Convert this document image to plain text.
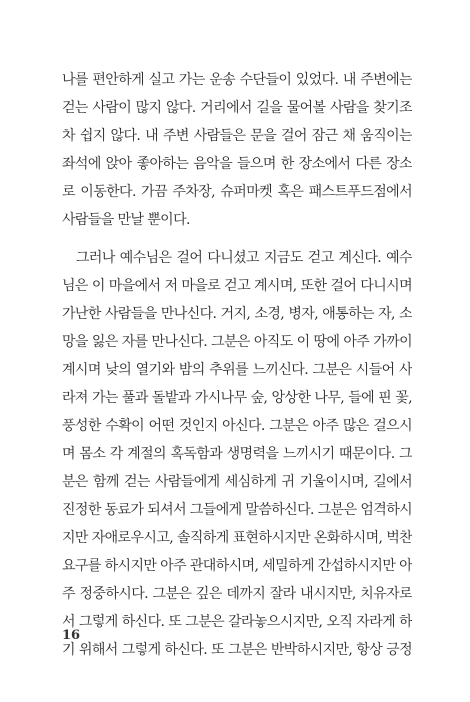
나를 편안하게 실고 가는 운송 수단들이 있었다. 내 주변에는
걷는 사람이 많지 않다. 거리에서 길을 물어볼 사람을 찾기조
차 쉽지 않다. 내 주변 사람들은 문을 걸어 잠근 채 움직이는
좌석에 앉아 좋아하는 음악을 들으며 한 장소에서 다른 장소
로 이동한다. 가끔 주차장, 슈퍼마켓 혹은 패스트푸드점에서
사람들을 만날 뿐이다.
그러나 예수님은 걸어 다니셨고 지금도 걷고 계신다. 예수
님은 이 마을에서 저 마을로 걷고 계시며, 또한 걸어 다니시며
가난한 사람들을 만나신다. 거지, 소경, 병자, 애통하는 자, 소
망을 잃은 자를 만나신다. 그분은 아직도 이 땅에 아주 가까이
계시며 낮의 열기와 밤의 추위를 느끼신다. 그분은 시들어 사
라져 가는 풀과 돌밭과 가시나무 숲, 앙상한 나무, 들에 핀 꽃,
풍성한 수확이 어떤 것인지 아신다. 그분은 아주 많은 걸으시
며 몸소 각 계절의 혹독함과 생명력을 느끼시기 때문이다. 그
분은 함께 걷는 사람들에게 세심하게 귀 기울이시며, 길에서
진정한 동료가 되셔서 그들에게 말씀하신다. 그분은 엄격하시
지만 자애로우시고, 솔직하게 표현하시지만 온화하시며, 벅찬
요구를 하시지만 아주 관대하시며, 세밀하게 간섭하시지만 아
주 정중하시다. 그분은 깊은 데까지 잘라 내시지만, 치유자로
서 그렇게 하신다. 또 그분은 갈라놓으시지만, 오직 자라게 하
기 위해서 그렇게 하신다. 또 그분은 반박하시지만, 항상 긍정
16
